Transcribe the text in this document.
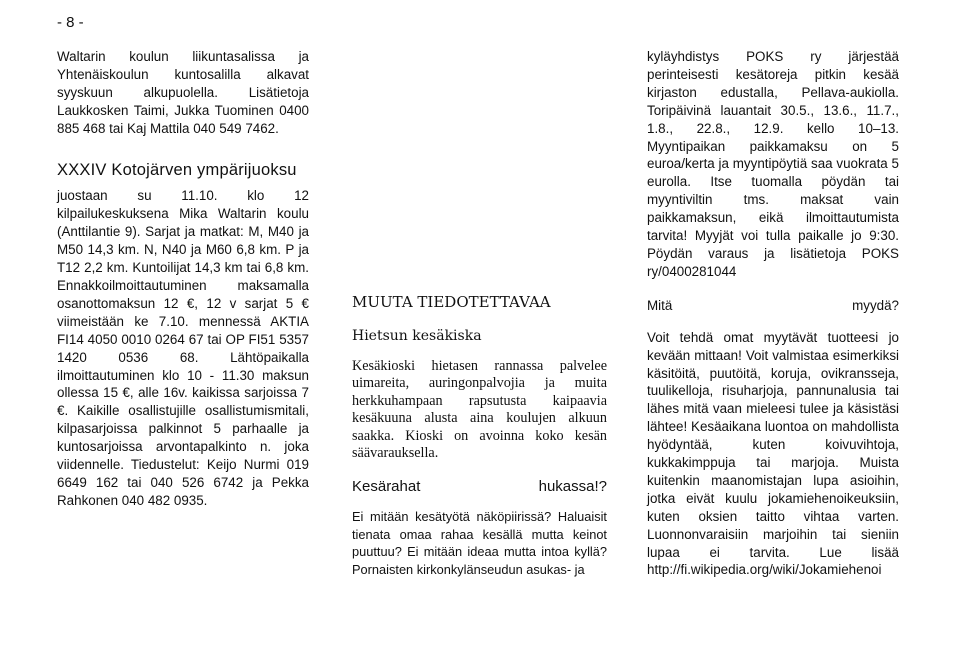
- 8 -

Waltarin koulun liikuntasalissa ja Yhtenäiskoulun kuntosalilla alkavat syyskuun alkupuolella. Lisätietoja Laukkosken Taimi, Jukka Tuominen 0400 885 468 tai Kaj Mattila 040 549 7462.

XXXIV Kotojärven ympärijuoksu

juostaan su 11.10. klo 12 kilpailukeskuksena Mika Waltarin koulu (Anttilantie 9). Sarjat ja matkat: M, M40 ja M50 14,3 km. N, N40 ja M60 6,8 km. P ja T12 2,2 km. Kuntoilijat 14,3 km tai 6,8 km. Ennakkoilmoittautuminen maksamalla osanottomaksun 12 €, 12 v sarjat 5 € viimeistään ke 7.10. mennessä AKTIA FI14 4050 0010 0264 67 tai OP FI51 5357 1420 0536 68. Lähtöpaikalla ilmoittautuminen klo 10 - 11.30 maksun ollessa 15 €, alle 16v. kaikissa sarjoissa 7 €. Kaikille osallistujille osallistumismitali, kilpasarjoissa palkinnot 5 parhaalle ja kuntosarjoissa arvontapalkinto n. joka viidennelle. Tiedustelut: Keijo Nurmi 019 6649 162 tai 040 526 6742 ja Pekka Rahkonen 040 482 0935.

MUUTA TIEDOTETTAVAA

Hietsun kesäkiska

Kesäkioski hietasen rannassa palvelee uimareita, auringonpalvojia ja muita herkkuhampaan rapsutusta kaipaavia kesäkuuna alusta aina koulujen alkuun saakka. Kioski on avoinna koko kesän säävarauksella.

Kesärahat	hukassa!?

Ei mitään kesätyötä näköpiirissä? Haluaisit tienata omaa rahaa kesällä mutta keinot puuttuu? Ei mitään ideaa mutta intoa kyllä? Pornaisten kirkonkylänseudun asukas- ja

kyläyhdistys POKS ry järjestää perinteisesti kesätoreja pitkin kesää kirjaston edustalla, Pellava-aukiolla. Toripäivinä lauantait 30.5., 13.6., 11.7., 1.8., 22.8., 12.9. kello 10–13. Myyntipaikan paikkamaksu on 5 euroa/kerta ja myyntipöytiä saa vuokrata 5 eurolla. Itse tuomalla pöydän tai myyntiviltin tms. maksat vain paikkamaksun, eikä ilmoittautumista tarvita! Myyjät voi tulla paikalle jo 9:30. Pöydän varaus ja lisätietoja POKS ry/0400281044

Mitä	myydä?

Voit tehdä omat myytävät tuotteesi jo kevään mittaan! Voit valmistaa esimerkiksi käsitöitä, puutöitä, koruja, ovikransseja, tuulikelloja, risuharjoja, pannunalusia tai lähes mitä vaan mieleesi tulee ja käsistäsi lähtee! Kesäaikana luontoa on mahdollista hyödyntää, kuten koivuvihtoja, kukkakimppuja tai marjoja. Muista kuitenkin maanomistajan lupa asioihin, jotka eivät kuulu jokamiehenoikeuksiin, kuten oksien taitto vihtaa varten. Luonnonvaraisiin marjoihin tai sieniin lupaa ei tarvita. Lue lisää http://fi.wikipedia.org/wiki/Jokamiehenoi
